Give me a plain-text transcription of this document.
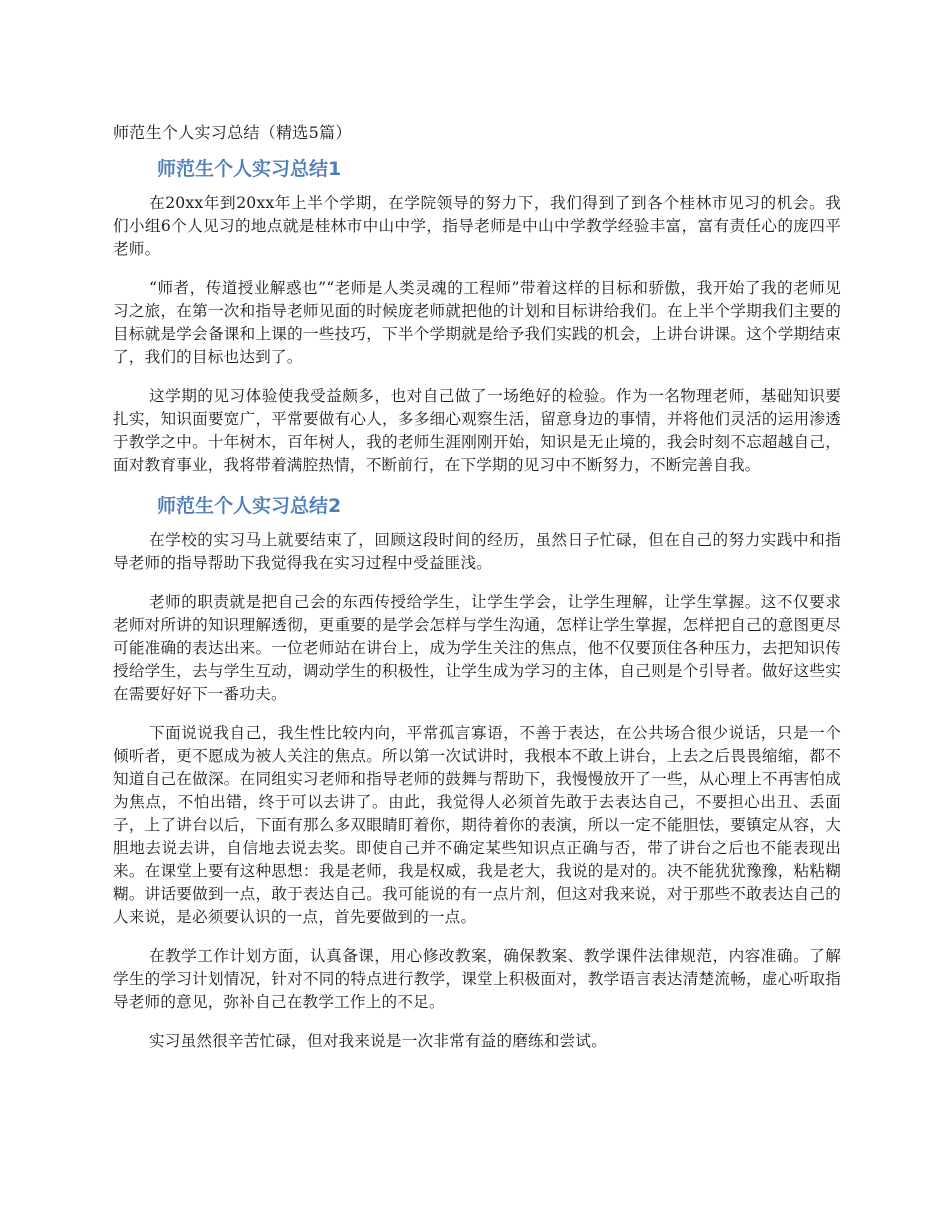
师范生个人实习总结（精选5篇）
师范生个人实习总结1

在20xx年到20xx年上半个学期，在学院领导的努力下，我们得到了到各个桂林市见习的机会。我们小组6个人见习的地点就是桂林市中山中学，指导老师是中山中学教学经验丰富，富有责任心的庞四平老师。

“师者，传道授业解惑也”“老师是人类灵魂的工程师”带着这样的目标和骄傲，我开始了我的老师见习之旅，在第一次和指导老师见面的时候庞老师就把他的计划和目标讲给我们。在上半个学期我们主要的目标就是学会备课和上课的一些技巧，下半个学期就是给予我们实践的机会，上讲台讲课。这个学期结束了，我们的目标也达到了。

这学期的见习体验使我受益颇多，也对自己做了一场绝好的检验。作为一名物理老师，基础知识要扎实，知识面要宽广，平常要做有心人，多多细心观察生活，留意身边的事情，并将他们灵活的运用渗透于教学之中。十年树木，百年树人，我的老师生涯刚刚开始，知识是无止境的，我会时刻不忘超越自己，面对教育事业，我将带着满腔热情，不断前行，在下学期的见习中不断努力，不断完善自我。

师范生个人实习总结2

在学校的实习马上就要结束了，回顾这段时间的经历，虽然日子忙碌，但在自己的努力实践中和指导老师的指导帮助下我觉得我在实习过程中受益匪浅。

老师的职责就是把自己会的东西传授给学生，让学生学会，让学生理解，让学生掌握。这不仅要求老师对所讲的知识理解透彻，更重要的是学会怎样与学生沟通，怎样让学生掌握，怎样把自己的意图更尽可能准确的表达出来。一位老师站在讲台上，成为学生关注的焦点，他不仅要顶住各种压力，去把知识传授给学生，去与学生互动，调动学生的积极性，让学生成为学习的主体，自己则是个引导者。做好这些实在需要好好下一番功夫。

下面说说我自己，我生性比较内向，平常孤言寡语，不善于表达，在公共场合很少说话，只是一个倾听者，更不愿成为被人关注的焦点。所以第一次试讲时，我根本不敢上讲台，上去之后畏畏缩缩，都不知道自己在做深。在同组实习老师和指导老师的鼓舞与帮助下，我慢慢放开了一些，从心理上不再害怕成为焦点，不怕出错，终于可以去讲了。由此，我觉得人必须首先敢于去表达自己，不要担心出丑、丢面子，上了讲台以后，下面有那么多双眼睛盯着你，期待着你的表演，所以一定不能胆怯，要镇定从容，大胆地去说去讲，自信地去说去奖。即使自己并不确定某些知识点正确与否，带了讲台之后也不能表现出来。在课堂上要有这种思想：我是老师，我是权威，我是老大，我说的是对的。决不能犹犹豫豫，粘粘糊糊。讲话要做到一点，敢于表达自己。我可能说的有一点片剂，但这对我来说，对于那些不敢表达自己的人来说，是必须要认识的一点，首先要做到的一点。

在教学工作计划方面，认真备课，用心修改教案，确保教案、教学课件法律规范，内容准确。了解学生的学习计划情况，针对不同的特点进行教学，课堂上积极面对，教学语言表达清楚流畅，虚心听取指导老师的意见，弥补自己在教学工作上的不足。

实习虽然很辛苦忙碌，但对我来说是一次非常有益的磨练和尝试。
